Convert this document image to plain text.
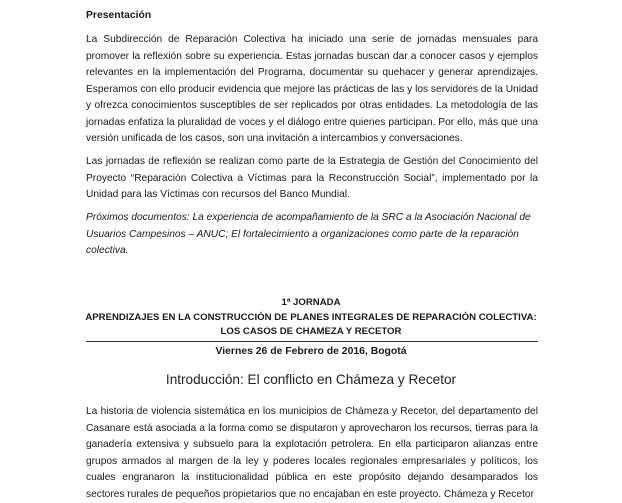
Presentación

La Subdirección de Reparación Colectiva ha iniciado una serie de jornadas mensuales para promover la reflexión sobre su experiencia. Estas jornadas buscan dar a conocer casos y ejemplos relevantes en la implementación del Programa, documentar su quehacer y generar aprendizajes. Esperamos con ello producir evidencia que mejore las prácticas de las y los servidores de la Unidad y ofrezca conocimientos susceptibles de ser replicados por otras entidades. La metodología de las jornadas enfatiza la pluralidad de voces y el diálogo entre quienes participan. Por ello, más que una versión unificada de los casos, son una invitación a intercambios y conversaciones.

Las jornadas de reflexión se realizan como parte de la Estrategia de Gestión del Conocimiento del Proyecto “Reparación Colectiva a Víctimas para la Reconstrucción Social”, implementado por la Unidad para las Víctimas con recursos del Banco Mundial.

Próximos documentos: La experiencia de acompañamiento de la SRC a la Asociación Nacional de Usuarios Campesinos – ANUC; El fortalecimiento a organizaciones como parte de la reparación colectiva.

1ª JORNADA

APRENDIZAJES EN LA CONSTRUCCIÓN DE PLANES INTEGRALES DE REPARACIÓN COLECTIVA:

LOS CASOS DE CHAMEZA Y RECETOR

Viernes 26 de Febrero de 2016, Bogotá

Introducción: El conflicto en Chámeza y Recetor

La historia de violencia sistemática en los municipios de Chámeza y Recetor, del departamento del Casanare está asociada a la forma como se disputaron y aprovecharon los recursos, tierras para la ganadería extensiva y subsuelo para la explotación petrolera. En ella participaron alianzas entre grupos armados al margen de la ley y poderes locales regionales empresariales y políticos, los cuales engranaron la institucionalidad pública en este propósito dejando desamparados los sectores rurales de pequeños propietarios que no encajaban en este proyecto. Chámeza y Recetor
